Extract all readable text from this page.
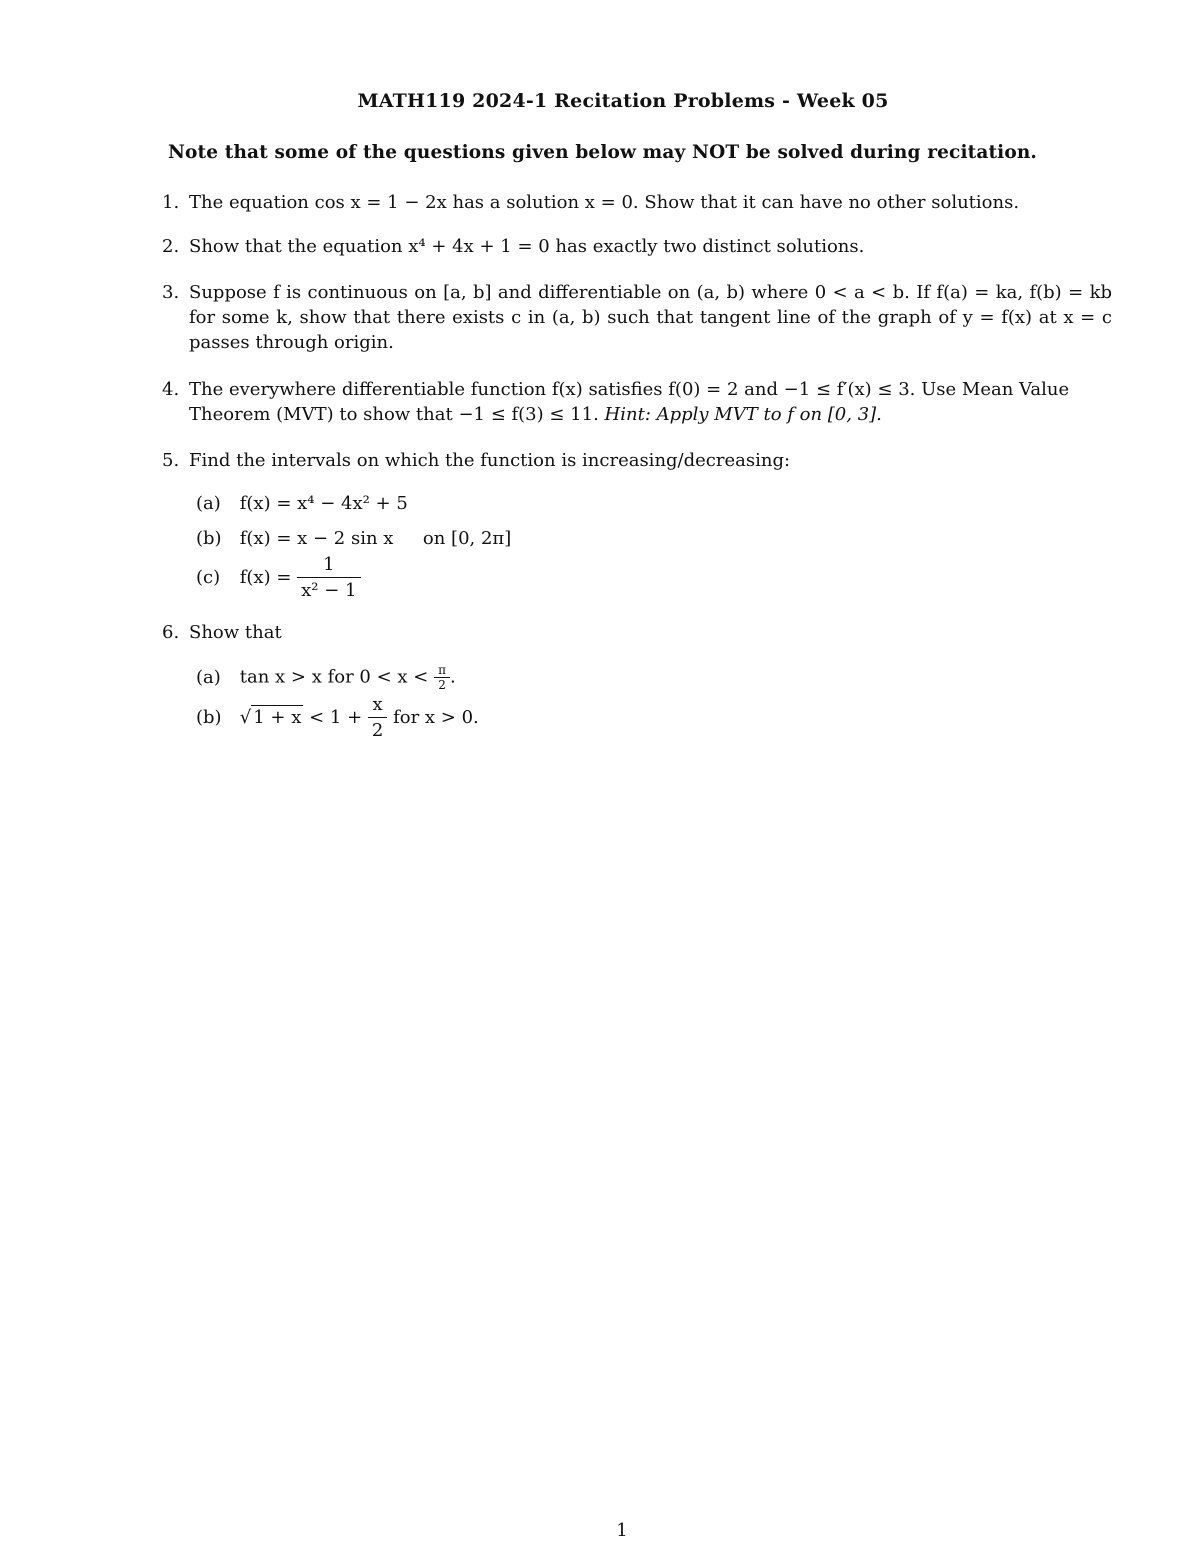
MATH119 2024-1 Recitation Problems - Week 05
Note that some of the questions given below may NOT be solved during recitation.
1. The equation cos x = 1 − 2x has a solution x = 0. Show that it can have no other solutions.
2. Show that the equation x⁴ + 4x + 1 = 0 has exactly two distinct solutions.
3. Suppose f is continuous on [a, b] and differentiable on (a, b) where 0 < a < b. If f(a) = ka, f(b) = kb for some k, show that there exists c in (a, b) such that tangent line of the graph of y = f(x) at x = c passes through origin.
4. The everywhere differentiable function f(x) satisfies f(0) = 2 and −1 ≤ f′(x) ≤ 3. Use Mean Value Theorem (MVT) to show that −1 ≤ f(3) ≤ 11. Hint: Apply MVT to f on [0, 3].
5. Find the intervals on which the function is increasing/decreasing:
(a) f(x) = x⁴ − 4x² + 5
(b) f(x) = x − 2 sin x on [0, 2π]
(c) $f(x) = \frac{1}{\text{x² − 1}}$
6. Show that
(a) tan x > x for $0 < x < \frac{\pi}{2}$ .
(b) √ $1 + x < 1 + \frac{x}{2}$ for x > 0.
1
